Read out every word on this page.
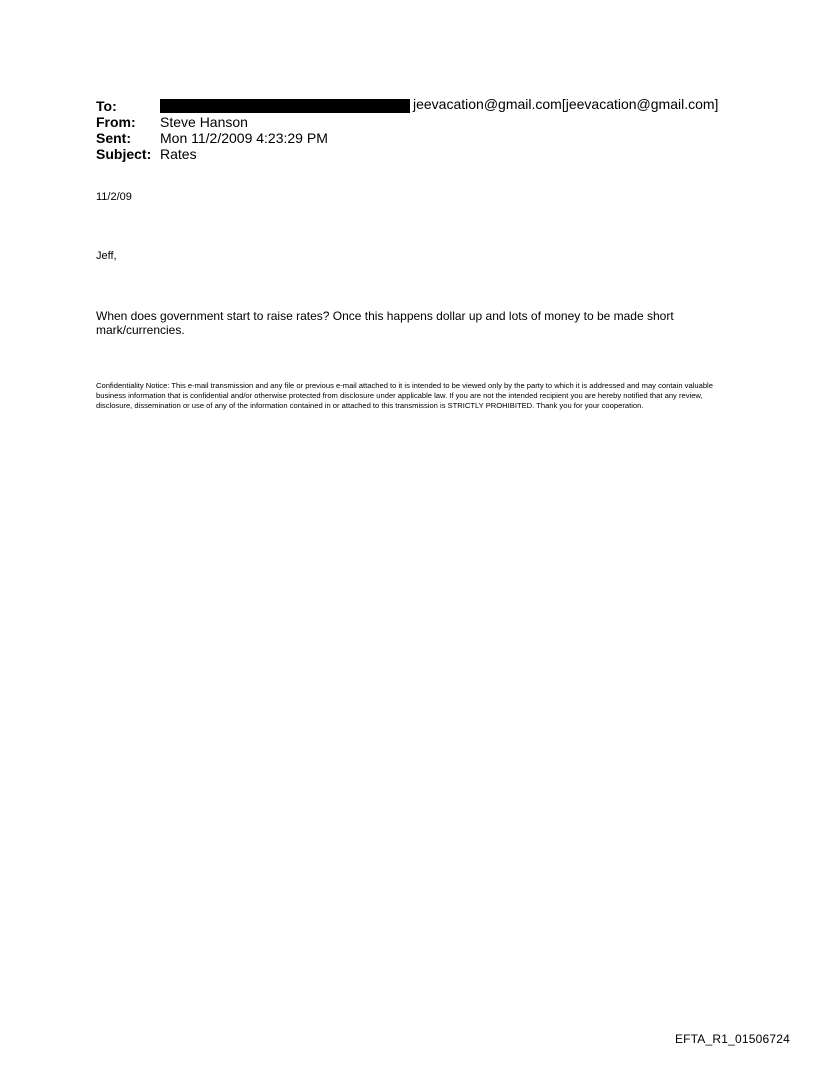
To:	jeevacation@gmail.com[jeevacation@gmail.com]
From:	Steve Hanson
Sent:	Mon 11/2/2009 4:23:29 PM
Subject: Rates
11/2/09
Jeff,
When does government start to raise rates? Once this happens dollar up and lots of money to be made short mark/currencies.
Confidentiality Notice: This e-mail transmission and any file or previous e-mail attached to it is intended to be viewed only by the party to which it is addressed and may contain valuable business information that is confidential and/or otherwise protected from disclosure under applicable law. If you are not the intended recipient you are hereby notified that any review, disclosure, dissemination or use of any of the information contained in or attached to this transmission is STRICTLY PROHIBITED. Thank you for your cooperation.
EFTA_R1_01506724
